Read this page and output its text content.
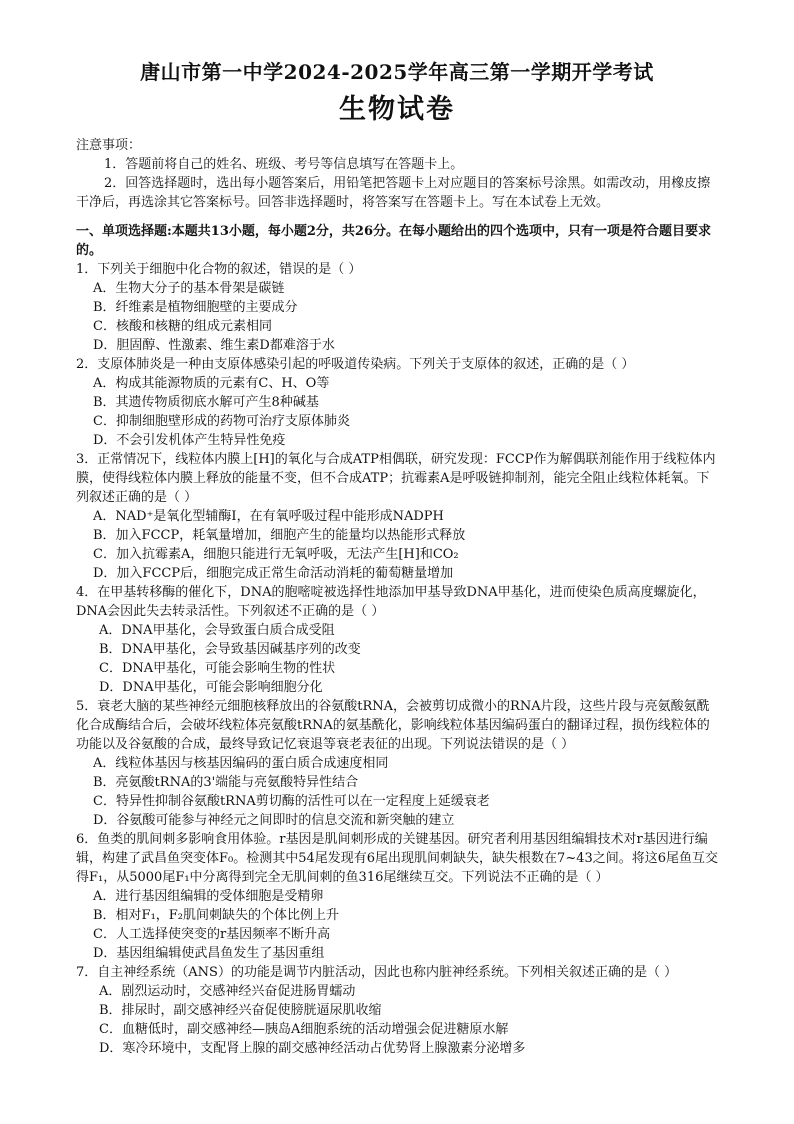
唐山市第一中学2024-2025学年高三第一学期开学考试
生物试卷

注意事项：

1．答题前将自己的姓名、班级、考号等信息填写在答题卡上。

2．回答选择题时，选出每小题答案后，用铅笔把答题卡上对应题目的答案标号涂黑。如需改动，用橡皮擦干净后，再选涂其它答案标号。回答非选择题时，将答案写在答题卡上。写在本试卷上无效。

一、单项选择题:本题共13小题，每小题2分，共26分。在每小题给出的四个选项中，只有一项是符合题目要求的。

1．下列关于细胞中化合物的叙述，错误的是（ ）

A．生物大分子的基本骨架是碳链

B．纤维素是植物细胞壁的主要成分

C．核酸和核糖的组成元素相同

D．胆固醇、性激素、维生素D都难溶于水

2．支原体肺炎是一种由支原体感染引起的呼吸道传染病。下列关于支原体的叙述，正确的是（ ）

A．构成其能源物质的元素有C、H、O等

B．其遗传物质彻底水解可产生8种碱基

C．抑制细胞壁形成的药物可治疗支原体肺炎

D．不会引发机体产生特异性免疫

3．正常情况下，线粒体内膜上[H]的氧化与合成ATP相偶联，研究发现：FCCP作为解偶联剂能作用于线粒体内膜，使得线粒体内膜上释放的能量不变，但不合成ATP；抗霉素A是呼吸链抑制剂，能完全阻止线粒体耗氧。下列叙述正确的是（ ）

A．NAD⁺是氧化型辅酶I，在有氧呼吸过程中能形成NADPH

B．加入FCCP，耗氧量增加，细胞产生的能量均以热能形式释放

C．加入抗霉素A，细胞只能进行无氧呼吸，无法产生[H]和CO₂

D．加入FCCP后，细胞完成正常生命活动消耗的葡萄糖量增加

4．在甲基转移酶的催化下，DNA的胞嘧啶被选择性地添加甲基导致DNA甲基化，进而使染色质高度螺旋化，DNA会因此失去转录活性。下列叙述不正确的是（ ）

A．DNA甲基化，会导致蛋白质合成受阻

B．DNA甲基化，会导致基因碱基序列的改变

C．DNA甲基化，可能会影响生物的性状

D．DNA甲基化，可能会影响细胞分化

5．衰老大脑的某些神经元细胞核释放出的谷氨酸tRNA，会被剪切成微小的RNA片段，这些片段与亮氨酸氨酰化合成酶结合后，会破坏线粒体亮氨酸tRNA的氨基酰化，影响线粒体基因编码蛋白的翻译过程，损伤线粒体的功能以及谷氨酸的合成，最终导致记忆衰退等衰老表征的出现。下列说法错误的是（ ）

A．线粒体基因与核基因编码的蛋白质合成速度相同

B．亮氨酸tRNA的3'端能与亮氨酸特异性结合

C．特异性抑制谷氨酸tRNA剪切酶的活性可以在一定程度上延缓衰老

D．谷氨酸可能参与神经元之间即时的信息交流和新突触的建立

6．鱼类的肌间刺多影响食用体验。r基因是肌间刺形成的关键基因。研究者利用基因组编辑技术对r基因进行编辑，构建了武昌鱼突变体F₀。检测其中54尾发现有6尾出现肌间刺缺失，缺失根数在7~43之间。将这6尾鱼互交得F₁，从5000尾F₁中分离得到完全无肌间刺的鱼316尾继续互交。下列说法不正确的是（ ）

A．进行基因组编辑的受体细胞是受精卵

B．相对F₁，F₂肌间刺缺失的个体比例上升

C．人工选择使突变的r基因频率不断升高

D．基因组编辑使武昌鱼发生了基因重组

7．自主神经系统（ANS）的功能是调节内脏活动，因此也称内脏神经系统。下列相关叙述正确的是（ ）

A．剧烈运动时，交感神经兴奋促进肠胃蠕动

B．排尿时，副交感神经兴奋促使膀胱逼尿肌收缩

C．血糖低时，副交感神经—胰岛A细胞系统的活动增强会促进糖原水解

D．寒冷环境中，支配肾上腺的副交感神经活动占优势肾上腺激素分泌增多
